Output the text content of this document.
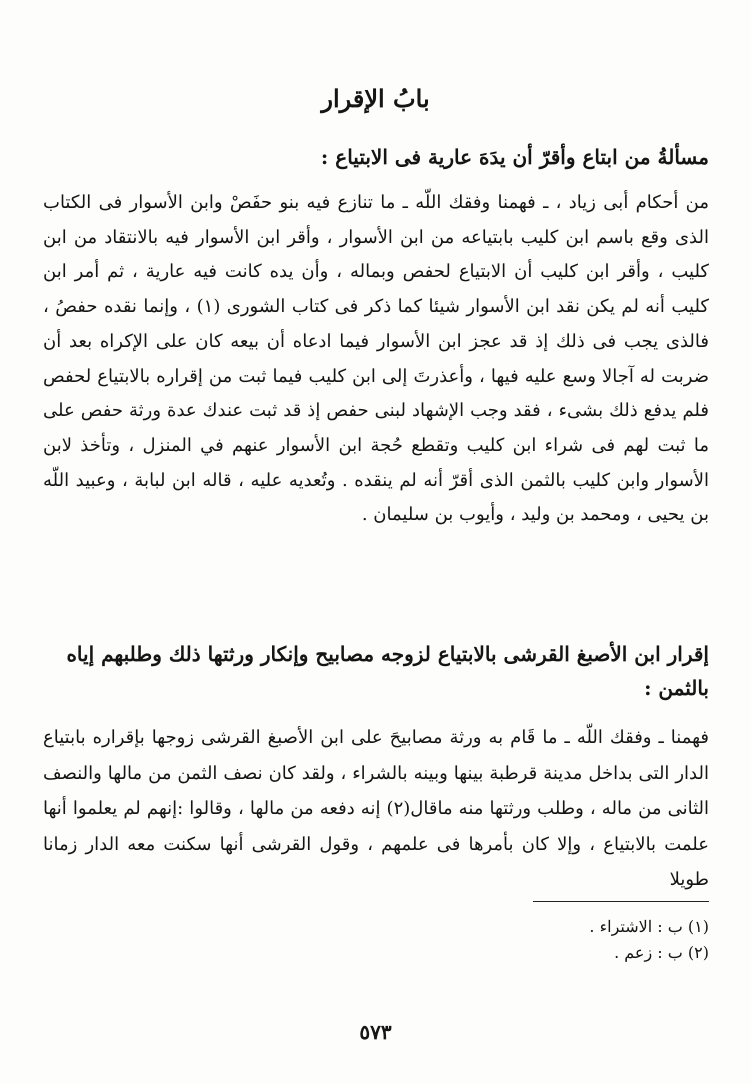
بابُ الإقرار
مسألةُ من ابتاع وأقرّ أن يدَهَ عارية فى الابتياع :
من أحكام أبى زياد ، ـ فهمنا وفقك اللّه ـ ما تنازع فيه بنو حفَصْ وابن الأسوار فى الكتاب الذى وقع باسم ابن كليب بابتياعه من ابن الأسوار ، وأقر ابن الأسوار فيه بالانتقاد من ابن كليب ، وأقر ابن كليب أن الابتياع لحفص وبماله ، وأن يده كانت فيه عارية ، ثم أمر ابن كليب أنه لم يكن نقد ابن الأسوار شيئا كما ذكر فى كتاب الشورى (١) ، وإنما نقده حفصُ ، فالذى يجب فى ذلك إذ قد عجز ابن الأسوار فيما ادعاه أن بيعه كان على الإكراه بعد أن ضربت له آجالا وسع عليه فيها ، وأعذرتَ إلى ابن كليب فيما ثبت من إقراره بالابتياع لحفص فلم يدفع ذلك بشىء ، فقد وجب الإشهاد لبنى حفص إذ قد ثبت عندك عدة ورثة حفص على ما ثبت لهم فى شراء ابن كليب وتقطع حُجة ابن الأسوار عنهم في المنزل ، وتأخذ لابن الأسوار وابن كليب بالثمن الذى أقرّ أنه لم ينقده . وتُعديه عليه ، قاله ابن لبابة ، وعبيد اللّه بن يحيى ، ومحمد بن وليد ، وأيوب بن سليمان .
إقرار ابن الأصبغ القرشى بالابتياع لزوجه مصابيح وإنكار ورثتها ذلك وطلبهم إياه بالثمن :
فهمنا ـ وفقك اللّه ـ ما قَام به ورثة مصابيحَ على ابن الأصبغ القرشى زوجها بإقراره بابتياع الدار التى بداخل مدينة قرطبة بينها وبينه بالشراء ، ولقد كان نصف الثمن من مالها والنصف الثانى من ماله ، وطلب ورثتها منه ماقال(٢) إنه دفعه من مالها ، وقالوا :إنهم لم يعلموا أنها علمت بالابتياع ، وإلا كان بأمرها فى علمهم ، وقول القرشى أنها سكنت معه الدار زمانا طويلا
(١) ب : الاشتراء .
(٢) ب : زعم .
٥٧٣
